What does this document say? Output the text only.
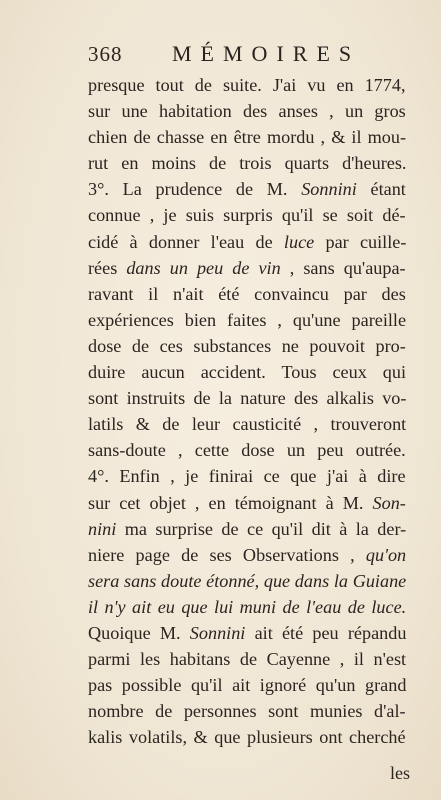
368 MÉMOIRES
presque tout de suite. J'ai vu en 1774,
sur une habitation des anses , un gros
chien de chasse en être mordu , & il mou-
rut en moins de trois quarts d'heures.
3°. La prudence de M. Sonnini étant
connue , je suis surpris qu'il se soit dé-
cidé à donner l'eau de luce par cuille-
rées dans un peu de vin , sans qu'aupa-
ravant il n'ait été convaincu par des
expériences bien faites , qu'une pareille
dose de ces substances ne pouvoit pro-
duire aucun accident. Tous ceux qui
sont instruits de la nature des alkalis vo-
latils & de leur causticité , trouveront
sans-doute , cette dose un peu outrée.
4°. Enfin , je finirai ce que j'ai à dire
sur cet objet , en témoignant à M. Son-
nini ma surprise de ce qu'il dit à la der-
niere page de ses Observations , qu'on
sera sans doute étonné, que dans la Guiane
il n'y ait eu que lui muni de l'eau de luce.
Quoique M. Sonnini ait été peu répandu
parmi les habitans de Cayenne , il n'est
pas possible qu'il ait ignoré qu'un grand
nombre de personnes sont munies d'al-
kalis volatils, & que plusieurs ont cherché
les
